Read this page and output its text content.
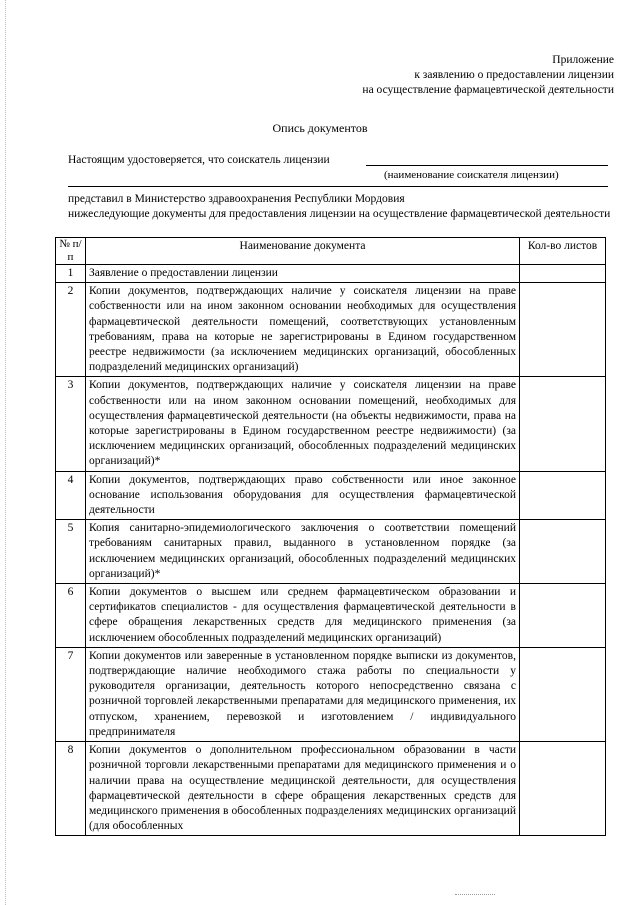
Приложение
к заявлению о предоставлении лицензии
на осуществление фармацевтической деятельности
Опись документов
Настоящим удостоверяется, что соискатель лицензии
(наименование соискателя лицензии)
представил в Министерство здравоохранения Республики Мордовия
нижеследующие документы для предоставления лицензии на осуществление фармацевтической деятельности
№ п/п	Наименование документа	Кол-во листов
1	Заявление о предоставлении лицензии	
2	Копии документов, подтверждающих наличие у соискателя лицензии на праве собственности или на ином законном основании необходимых для осуществления фармацевтической деятельности помещений, соответствующих установленным требованиям, права на которые не зарегистрированы в Едином государственном реестре недвижимости (за исключением медицинских организаций, обособленных подразделений медицинских организаций)	
3	Копии документов, подтверждающих наличие у соискателя лицензии на праве собственности или на ином законном основании помещений, необходимых для осуществления фармацевтической деятельности (на объекты недвижимости, права на которые зарегистрированы в Едином государственном реестре недвижимости) (за исключением медицинских организаций, обособленных подразделений медицинских организаций)*	
4	Копии документов, подтверждающих право собственности или иное законное основание использования оборудования для осуществления фармацевтической деятельности	
5	Копия санитарно-эпидемиологического заключения о соответствии помещений требованиям санитарных правил, выданного в установленном порядке (за исключением медицинских организаций, обособленных подразделений медицинских организаций)*	
6	Копии документов о высшем или среднем фармацевтическом образовании и сертификатов специалистов - для осуществления фармацевтической деятельности в сфере обращения лекарственных средств для медицинского применения (за исключением обособленных подразделений медицинских организаций)	
7	Копии документов или заверенные в установленном порядке выписки из документов, подтверждающие наличие необходимого стажа работы по специальности у руководителя организации, деятельность которого непосредственно связана с розничной торговлей лекарственными препаратами для медицинского применения, их отпуском, хранением, перевозкой и изготовлением / индивидуального предпринимателя	
8	Копии документов о дополнительном профессиональном образовании в части розничной торговли лекарственными препаратами для медицинского применения и о наличии права на осуществление медицинской деятельности, для осуществления фармацевтической деятельности в сфере обращения лекарственных средств для медицинского применения в обособленных подразделениях медицинских организаций (для обособленных	
